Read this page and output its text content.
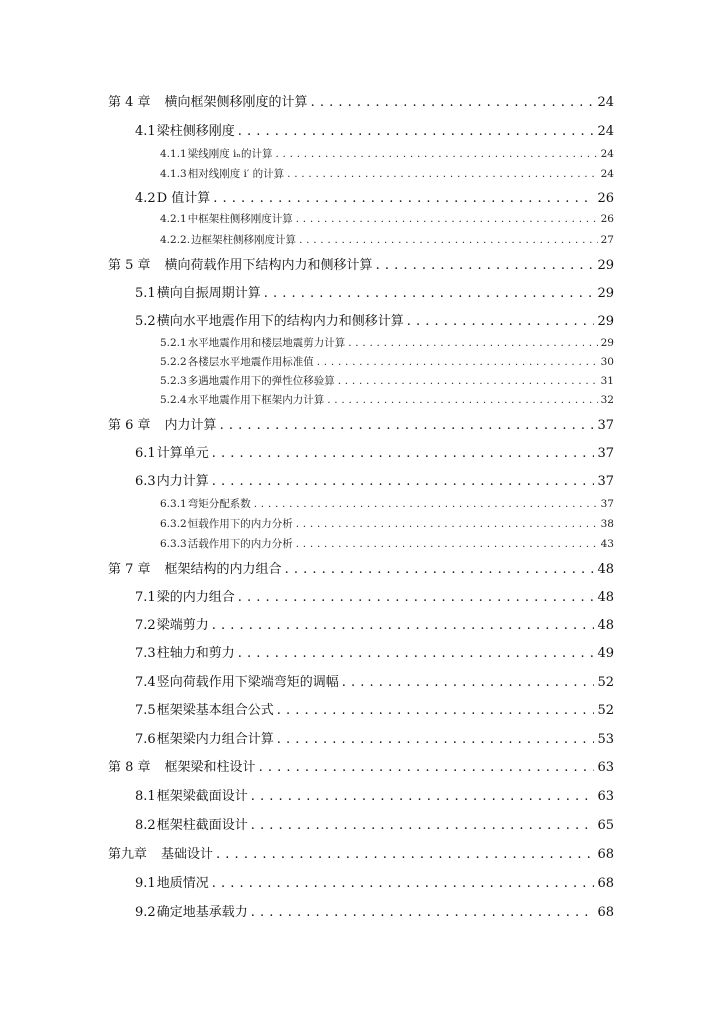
第 4 章 横向框架侧移刚度的计算 . . .	24
4.1 梁柱侧移刚度 . . .	24
4.1.1 梁线刚度 iₙ的计算 . . .	24
4.1.3 相对线刚度 i′ 的计算 . . .	24
4.2 D 值计算 . . .	26
4.2.1 中框架柱侧移刚度计算 . . .	26
4.2.2. 边框架柱侧移刚度计算 . . .	27
第 5 章 横向荷载作用下结构内力和侧移计算 . . .	29
5.1 横向自振周期计算 . . .	29
5.2 横向水平地震作用下的结构内力和侧移计算 . . .	29
5.2.1 水平地震作用和楼层地震剪力计算 . . .	29
5.2.2 各楼层水平地震作用标准值 . . .	30
5.2.3 多遇地震作用下的弹性位移验算 . . .	31
5.2.4 水平地震作用下框架内力计算 . . .	32
第 6 章 内力计算 . . .	37
6.1 计算单元 . . .	37
6.3 内力计算 . . .	37
6.3.1 弯矩分配系数 . . .	37
6.3.2 恒载作用下的内力分析 . . .	38
6.3.3 活载作用下的内力分析 . . .	43
第 7 章 框架结构的内力组合 . . .	48
7.1 梁的内力组合 . . .	48
7.2 梁端剪力 . . .	48
7.3 柱轴力和剪力 . . .	49
7.4 竖向荷载作用下梁端弯矩的调幅 . . .	52
7.5 框架梁基本组合公式 . . .	52
7.6 框架梁内力组合计算 . . .	53
第 8 章 框架梁和柱设计 . . .	63
8.1 框架梁截面设计 . . .	63
8.2 框架柱截面设计 . . .	65
第九章 基础设计 . . .	68
9.1 地质情况 . . .	68
9.2 确定地基承载力 . . .	68
